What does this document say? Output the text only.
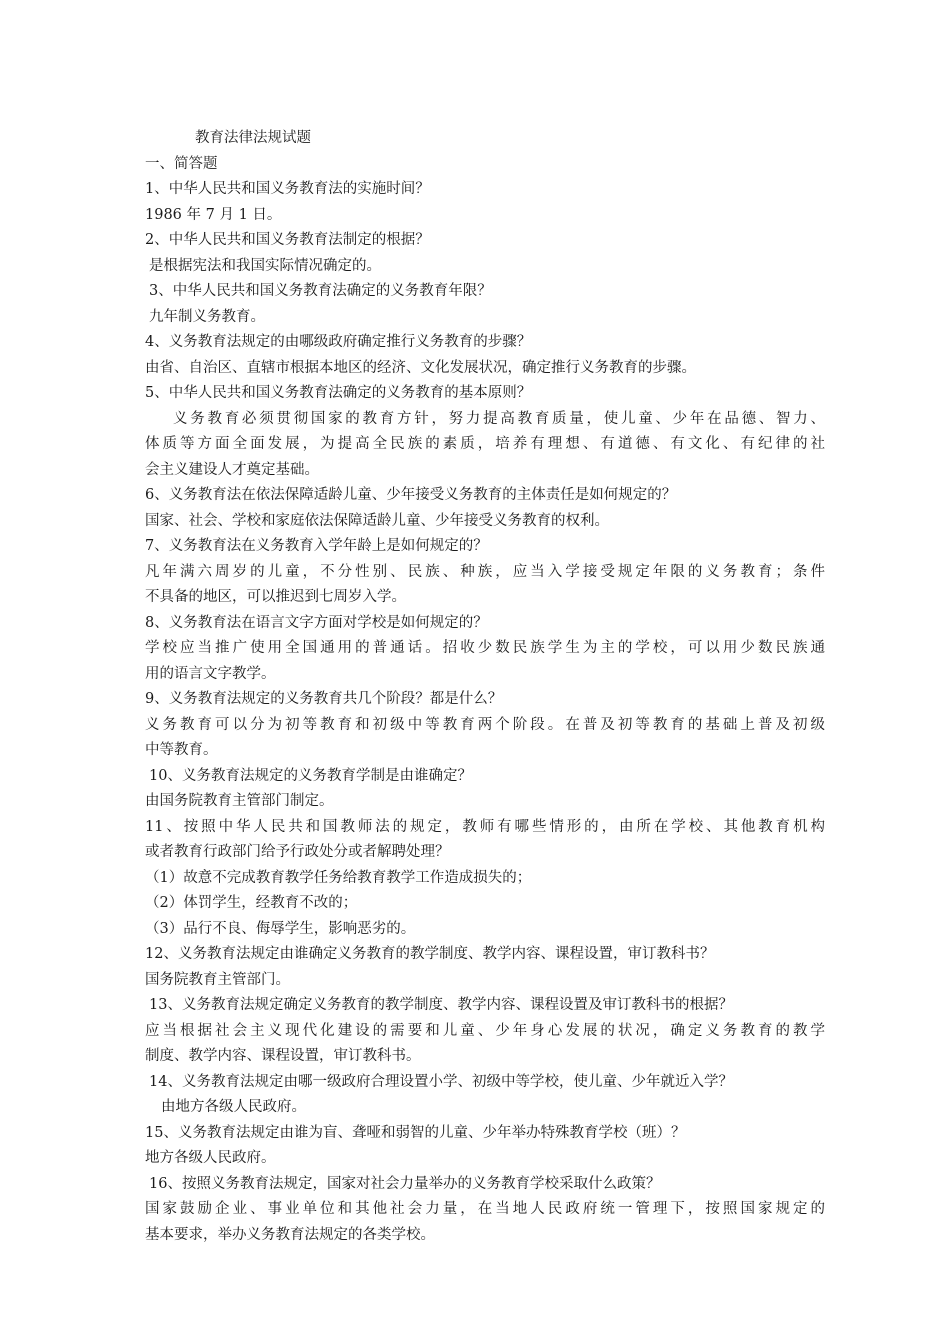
教育法律法规试题
一、简答题
1、中华人民共和国义务教育法的实施时间？
1986 年 7 月 1 日。
2、中华人民共和国义务教育法制定的根据？
是根据宪法和我国实际情况确定的。
3、中华人民共和国义务教育法确定的义务教育年限？
九年制义务教育。
4、义务教育法规定的由哪级政府确定推行义务教育的步骤？
由省、自治区、直辖市根据本地区的经济、文化发展状况，确定推行义务教育的步骤。
5、中华人民共和国义务教育法确定的义务教育的基本原则？
义务教育必须贯彻国家的教育方针，努力提高教育质量，使儿童、少年在品德、智力、
体质等方面全面发展，为提高全民族的素质，培养有理想、有道德、有文化、有纪律的社
会主义建设人才奠定基础。
6、义务教育法在依法保障适龄儿童、少年接受义务教育的主体责任是如何规定的？
国家、社会、学校和家庭依法保障适龄儿童、少年接受义务教育的权利。
7、义务教育法在义务教育入学年龄上是如何规定的？
凡年满六周岁的儿童，不分性别、民族、种族，应当入学接受规定年限的义务教育；条件
不具备的地区，可以推迟到七周岁入学。
8、义务教育法在语言文字方面对学校是如何规定的？
学校应当推广使用全国通用的普通话。招收少数民族学生为主的学校，可以用少数民族通
用的语言文字教学。
9、义务教育法规定的义务教育共几个阶段？都是什么？
义务教育可以分为初等教育和初级中等教育两个阶段。在普及初等教育的基础上普及初级
中等教育。
10、义务教育法规定的义务教育学制是由谁确定？
由国务院教育主管部门制定。
11、按照中华人民共和国教师法的规定，教师有哪些情形的，由所在学校、其他教育机构
或者教育行政部门给予行政处分或者解聘处理？
（1）故意不完成教育教学任务给教育教学工作造成损失的；
（2）体罚学生，经教育不改的；
（3）品行不良、侮辱学生，影响恶劣的。
12、义务教育法规定由谁确定义务教育的教学制度、教学内容、课程设置，审订教科书？
国务院教育主管部门。
13、义务教育法规定确定义务教育的教学制度、教学内容、课程设置及审订教科书的根据？
应当根据社会主义现代化建设的需要和儿童、少年身心发展的状况，确定义务教育的教学
制度、教学内容、课程设置，审订教科书。
14、义务教育法规定由哪一级政府合理设置小学、初级中等学校，使儿童、少年就近入学？
由地方各级人民政府。
15、义务教育法规定由谁为盲、聋哑和弱智的儿童、少年举办特殊教育学校（班）？
地方各级人民政府。
16、按照义务教育法规定，国家对社会力量举办的义务教育学校采取什么政策？
国家鼓励企业、事业单位和其他社会力量，在当地人民政府统一管理下，按照国家规定的
基本要求，举办义务教育法规定的各类学校。
